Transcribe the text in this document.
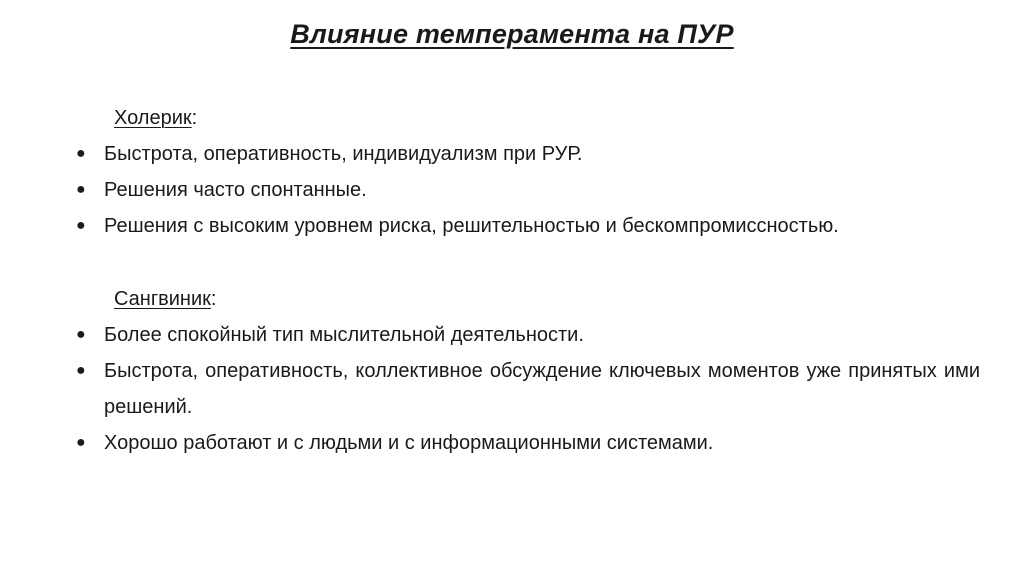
Влияние темперамента на ПУР
Холерик:
● Быстрота, оперативность, индивидуализм при РУР.
● Решения часто спонтанные.
● Решения с высоким уровнем риска, решительностью и бескомпромиссностью.
Сангвиник:
● Более спокойный тип мыслительной деятельности.
● Быстрота, оперативность, коллективное обсуждение ключевых моментов уже принятых ими решений.
● Хорошо работают и с людьми и с информационными системами.
